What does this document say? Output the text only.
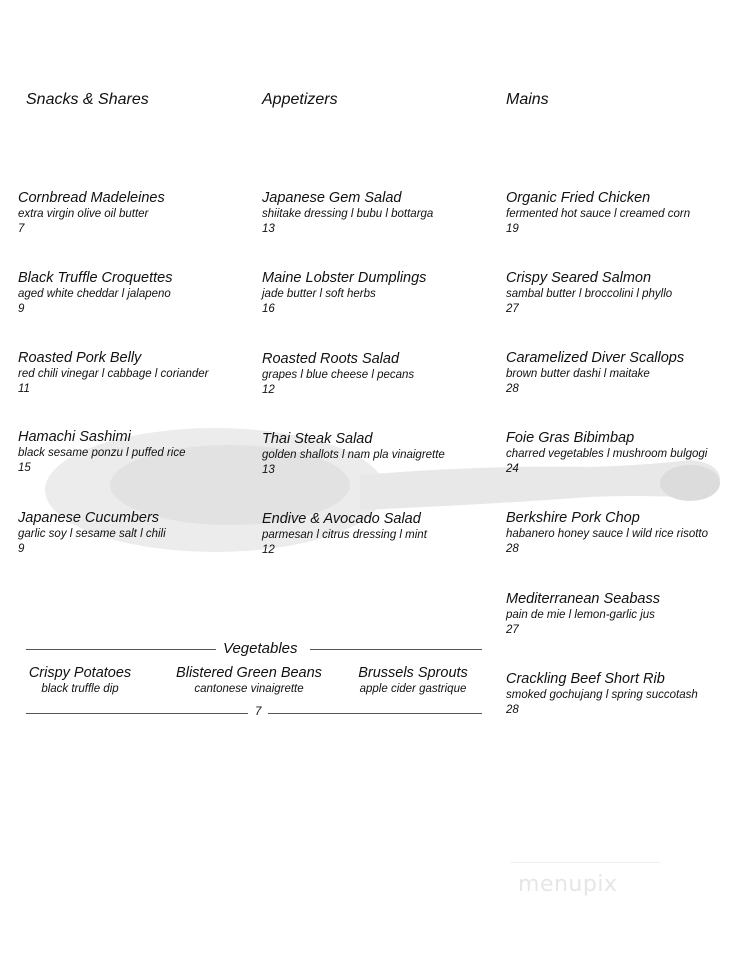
Snacks & Shares
Cornbread Madeleines
extra virgin olive oil butter
7
Black Truffle Croquettes
aged white cheddar l jalapeno
9
Roasted Pork Belly
red chili vinegar l cabbage l coriander
11
Hamachi Sashimi
black sesame ponzu l puffed rice
15
Japanese Cucumbers
garlic soy l sesame salt l chili
9
Appetizers
Japanese Gem Salad
shiitake dressing l bubu l bottarga
13
Maine Lobster Dumplings
jade butter l soft herbs
16
Roasted Roots Salad
grapes l blue cheese l pecans
12
Thai Steak Salad
golden shallots l nam pla vinaigrette
13
Endive & Avocado Salad
parmesan l citrus dressing l mint
12
Mains
Organic Fried Chicken
fermented hot sauce l creamed corn
19
Crispy Seared Salmon
sambal butter l broccolini l phyllo
27
Caramelized Diver Scallops
brown butter dashi l maitake
28
Foie Gras Bibimbap
charred vegetables l mushroom bulgogi
24
Berkshire Pork Chop
habanero honey sauce l wild rice risotto
28
Mediterranean Seabass
pain de mie l lemon-garlic jus
27
Crackling Beef Short Rib
smoked gochujang l spring succotash
28
Vegetables
Crispy Potatoes
black truffle dip
Blistered Green Beans
cantonese vinaigrette
Brussels Sprouts
apple cider gastrique
7
menupix
